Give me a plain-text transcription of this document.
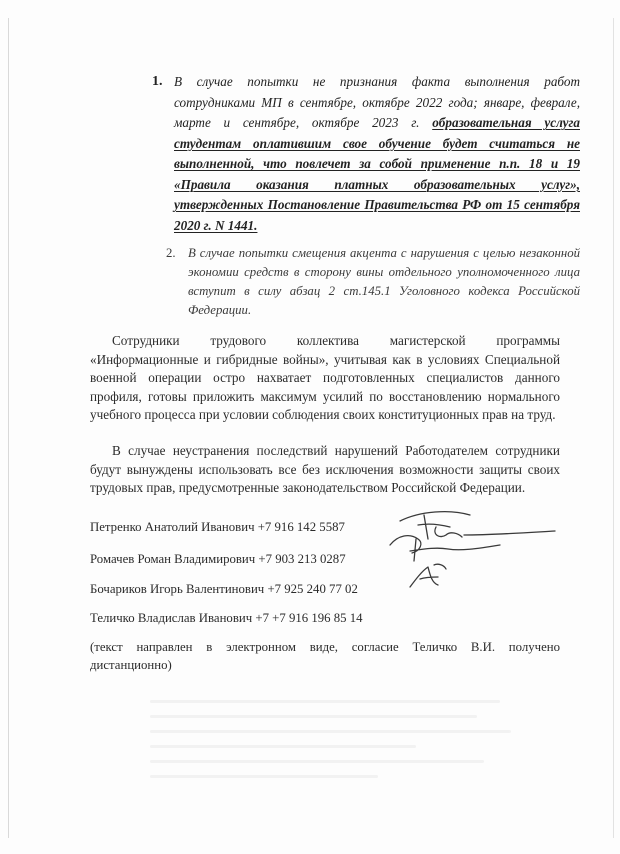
1. В случае попытки не признания факта выполнения работ сотрудниками МП в сентябре, октябре 2022 года; январе, феврале, марте и сентябре, октябре 2023 г. образовательная услуга студентам оплатившим свое обучение будет считаться не выполненной, что повлечет за собой применение п.п. 18 и 19 «Правила оказания платных образовательных услуг», утвержденных Постановление Правительства РФ от 15 сентября 2020 г. N 1441.
2. В случае попытки смещения акцента с нарушения с целью незаконной экономии средств в сторону вины отдельного уполномоченного лица вступит в силу абзац 2 ст.145.1 Уголовного кодекса Российской Федерации.

Сотрудники трудового коллектива магистерской программы «Информационные и гибридные войны», учитывая как в условиях Специальной военной операции остро нахватает подготовленных специалистов данного профиля, готовы приложить максимум усилий по восстановлению нормального учебного процесса при условии соблюдения своих конституционных прав на труд.

В случае неустранения последствий нарушений Работодателем сотрудники будут вынуждены использовать все без исключения возможности защиты своих трудовых прав, предусмотренные законодательством Российской Федерации.

Петренко Анатолий Иванович +7 916 142 5587
Ромачев Роман Владимирович +7 903 213 0287
Бочариков Игорь Валентинович +7 925 240 77 02
Теличко Владислав Иванович +7 +7 916 196 85 14

(текст направлен в электронном виде, согласие Теличко В.И. получено дистанционно)
